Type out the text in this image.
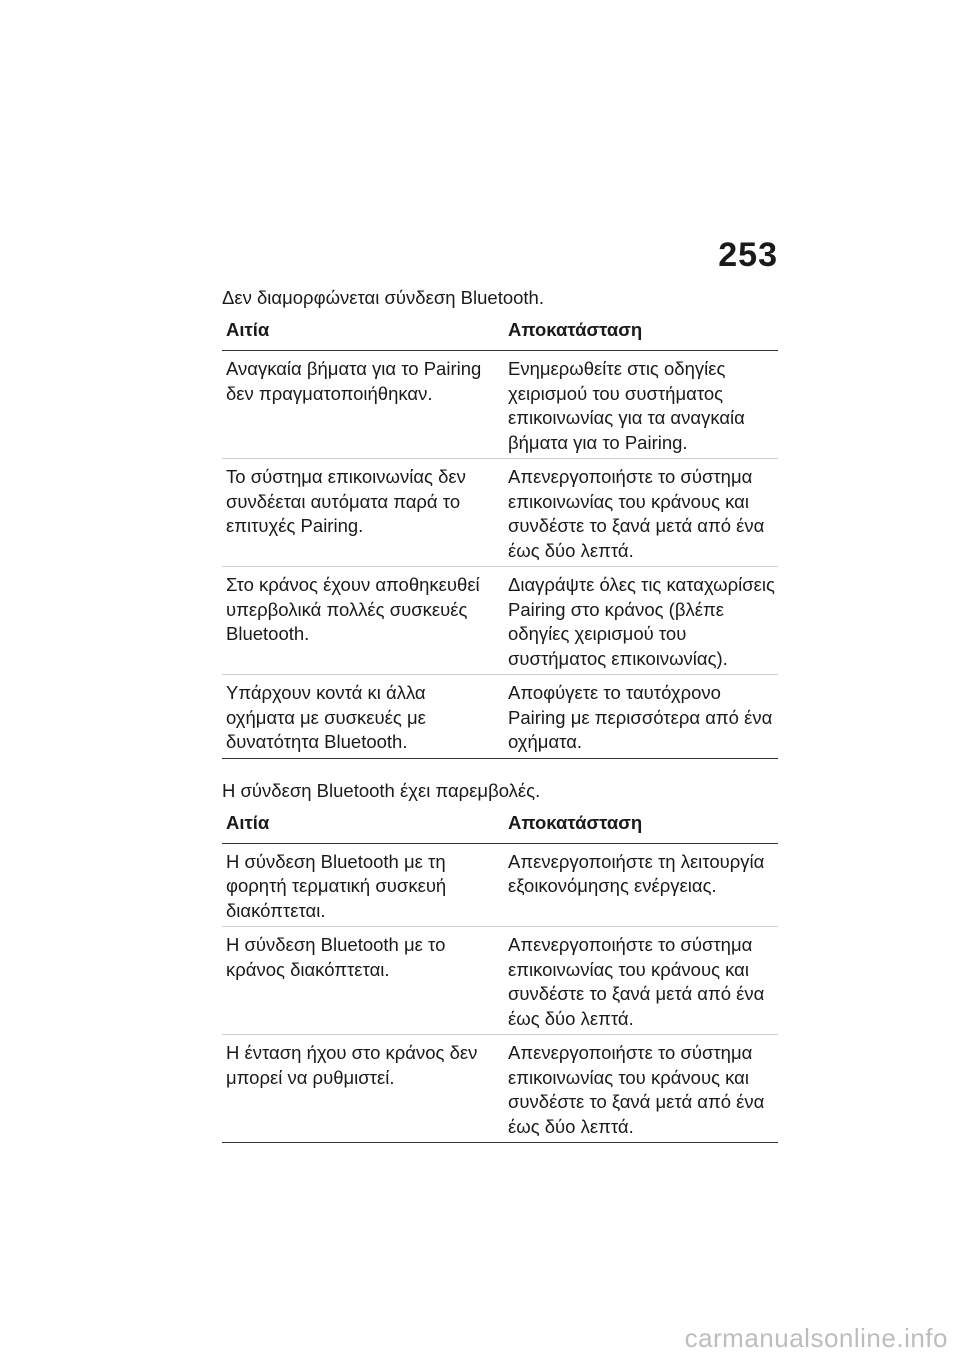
253
Δεν διαμορφώνεται σύνδεση Bluetooth.
Αιτία	Αποκατάσταση
Αναγκαία βήματα για το Pairing δεν πραγματοποιήθηκαν.
Ενημερωθείτε στις οδηγίες χειρισμού του συστήματος επικοινωνίας για τα αναγκαία βήματα για το Pairing.
Το σύστημα επικοινωνίας δεν συνδέεται αυτόματα παρά το επιτυχές Pairing.
Απενεργοποιήστε το σύστημα επικοινωνίας του κράνους και συνδέστε το ξανά μετά από ένα έως δύο λεπτά.
Στο κράνος έχουν αποθηκευθεί υπερβολικά πολλές συσκευές Bluetooth.
Διαγράψτε όλες τις καταχωρίσεις Pairing στο κράνος (βλέπε οδηγίες χειρισμού του συστήματος επικοινωνίας).
Υπάρχουν κοντά κι άλλα οχήματα με συσκευές με δυνατότητα Bluetooth.
Αποφύγετε το ταυτόχρονο Pairing με περισσότερα από ένα οχήματα.
Η σύνδεση Bluetooth έχει παρεμβολές.
Αιτία	Αποκατάσταση
Η σύνδεση Bluetooth με τη φορητή τερματική συσκευή διακόπτεται.
Απενεργοποιήστε τη λειτουργία εξοικονόμησης ενέργειας.
Η σύνδεση Bluetooth με το κράνος διακόπτεται.
Απενεργοποιήστε το σύστημα επικοινωνίας του κράνους και συνδέστε το ξανά μετά από ένα έως δύο λεπτά.
Η ένταση ήχου στο κράνος δεν μπορεί να ρυθμιστεί.
Απενεργοποιήστε το σύστημα επικοινωνίας του κράνους και συνδέστε το ξανά μετά από ένα έως δύο λεπτά.
carmanualsonline.info
